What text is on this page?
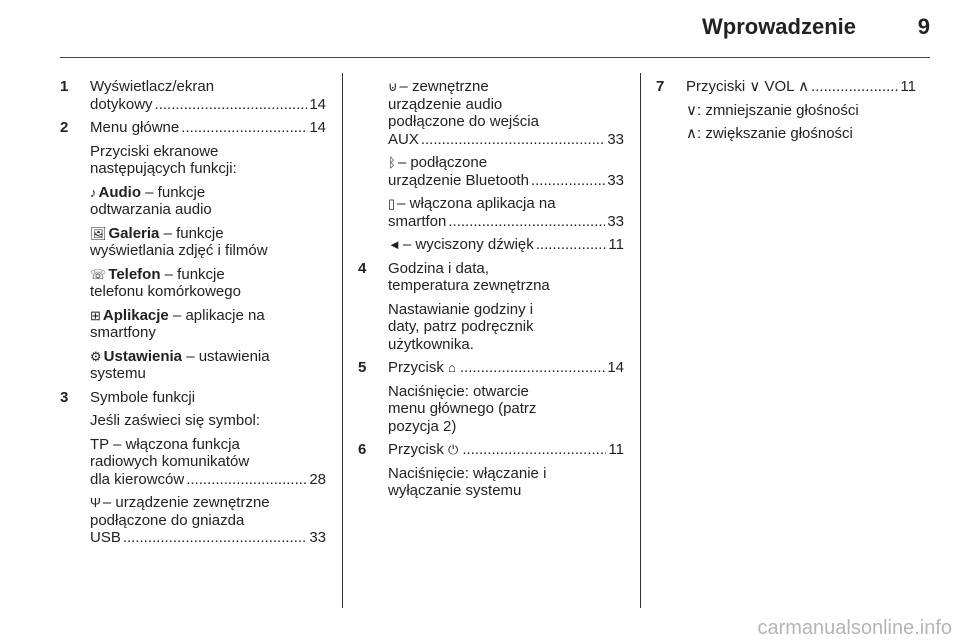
Wprowadzenie	9
1 Wyświetlacz/ekran
dotykowy .....	14
2 Menu główne .....	14
Przyciski ekranowe
następujących funkcji:
♪ Audio – funkcje
odtwarzania audio
🖼 Galeria – funkcje
wyświetlania zdjęć i filmów
☏ Telefon – funkcje
telefonu komórkowego
⊞ Aplikacje – aplikacje na
smartfony
⚙ Ustawienia – ustawienia
systemu
3 Symbole funkcji
Jeśli zaświeci się symbol:
TP – włączona funkcja
radiowych komunikatów
dla kierowców .....	28
Ψ – urządzenie zewnętrzne
podłączone do gniazda
USB .....	33
⊍ – zewnętrzne
urządzenie audio
podłączone do wejścia
AUX .....	33
ᛒ – podłączone
urządzenie Bluetooth .....	33
▯ – włączona aplikacja na
smartfon .....	33
◄ – wyciszony dźwięk .....	11
4 Godzina i data,
temperatura zewnętrzna
Nastawianie godziny i
daty, patrz podręcznik
użytkownika.
5 Przycisk ⌂ .....	14
Naciśnięcie: otwarcie
menu głównego (patrz
pozycja 2)
6 Przycisk ⏻ .....	11
Naciśnięcie: włączanie i
wyłączanie systemu
7 Przyciski ∨ VOL ∧ .....	11
∨: zmniejszanie głośności
∧: zwiększanie głośności
carmanualsonline.info
